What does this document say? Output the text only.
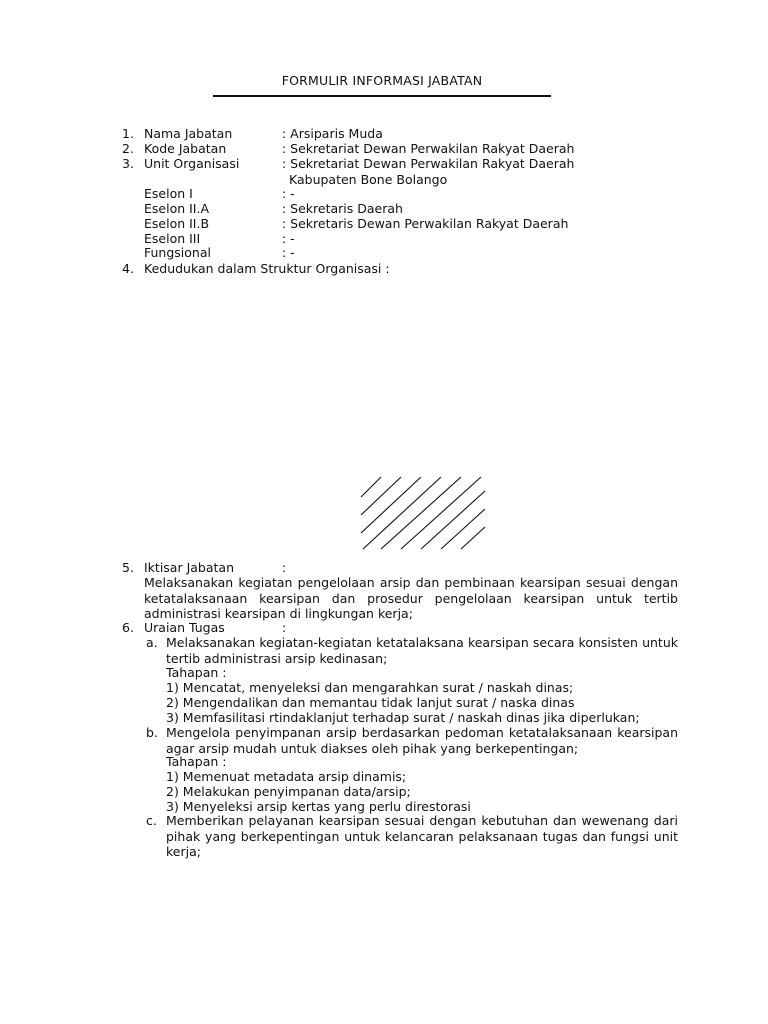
FORMULIR INFORMASI JABATAN
1. Nama Jabatan	: Arsiparis Muda
2. Kode Jabatan	: Sekretariat Dewan Perwakilan Rakyat Daerah
3. Unit Organisasi	: Sekretariat Dewan Perwakilan Rakyat Daerah
Kabupaten Bone Bolango
Eselon I	: -
Eselon II.A	: Sekretaris Daerah
Eselon II.B	: Sekretaris Dewan Perwakilan Rakyat Daerah
Eselon III	: -
Fungsional	: -
4. Kedudukan dalam Struktur Organisasi :
5. Iktisar Jabatan	:
Melaksanakan kegiatan pengelolaan arsip dan pembinaan kearsipan sesuai dengan ketatalaksanaan kearsipan dan prosedur pengelolaan kearsipan untuk tertib administrasi kearsipan di lingkungan kerja;
6. Uraian Tugas	:
a. Melaksanakan kegiatan-kegiatan ketatalaksana kearsipan secara konsisten untuk tertib administrasi arsip kedinasan;
Tahapan :
1) Mencatat, menyeleksi dan mengarahkan surat / naskah dinas;
2) Mengendalikan dan memantau tidak lanjut surat / naska dinas
3) Memfasilitasi rtindaklanjut terhadap surat / naskah dinas jika diperlukan;
b. Mengelola penyimpanan arsip berdasarkan pedoman ketatalaksanaan kearsipan agar arsip mudah untuk diakses oleh pihak yang berkepentingan;
Tahapan :
1) Memenuat metadata arsip dinamis;
2) Melakukan penyimpanan data/arsip;
3) Menyeleksi arsip kertas yang perlu direstorasi
c. Memberikan pelayanan kearsipan sesuai dengan kebutuhan dan wewenang dari pihak yang berkepentingan untuk kelancaran pelaksanaan tugas dan fungsi unit kerja;
